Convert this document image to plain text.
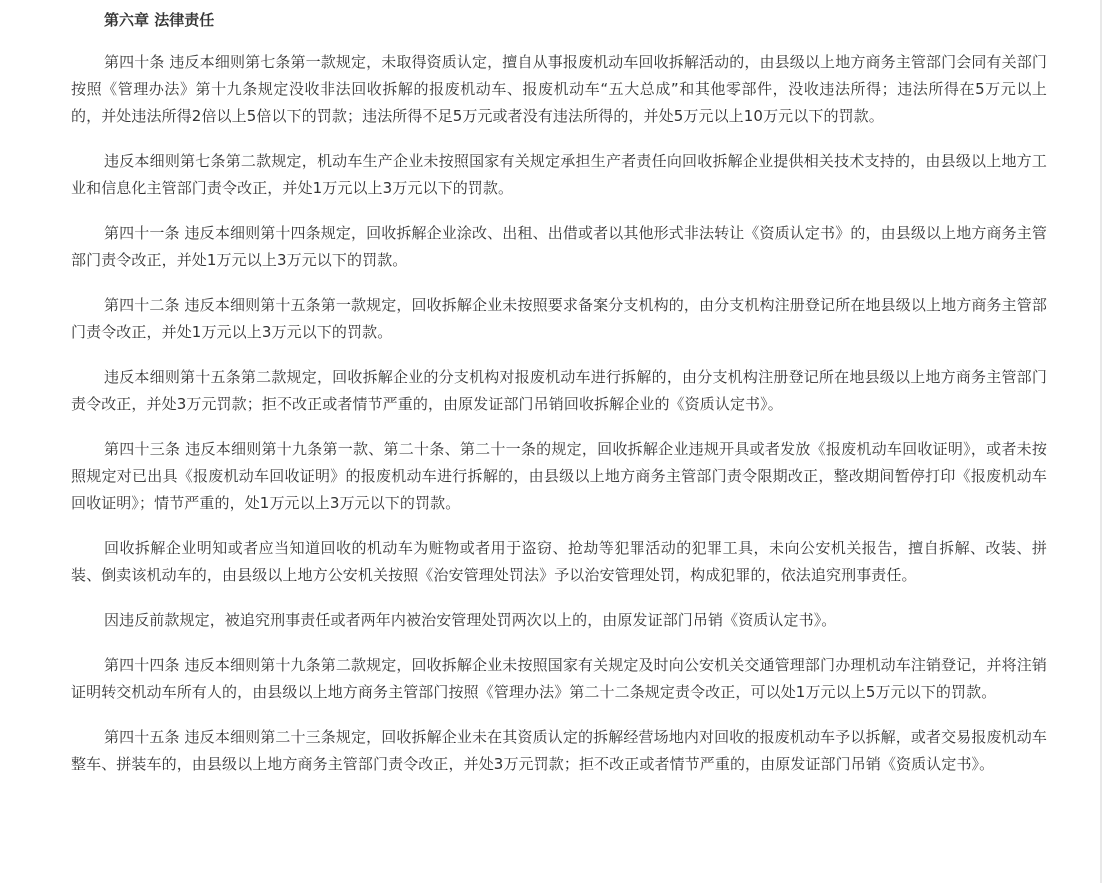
第六章 法律责任

第四十条 违反本细则第七条第一款规定，未取得资质认定，擅自从事报废机动车回收拆解活动的，由县级以上地方商务主管部门会同有关部门按照《管理办法》第十九条规定没收非法回收拆解的报废机动车、报废机动车“五大总成”和其他零部件，没收违法所得；违法所得在5万元以上的，并处违法所得2倍以上5倍以下的罚款；违法所得不足5万元或者没有违法所得的，并处5万元以上10万元以下的罚款。

违反本细则第七条第二款规定，机动车生产企业未按照国家有关规定承担生产者责任向回收拆解企业提供相关技术支持的，由县级以上地方工业和信息化主管部门责令改正，并处1万元以上3万元以下的罚款。

第四十一条 违反本细则第十四条规定，回收拆解企业涂改、出租、出借或者以其他形式非法转让《资质认定书》的，由县级以上地方商务主管部门责令改正，并处1万元以上3万元以下的罚款。

第四十二条 违反本细则第十五条第一款规定，回收拆解企业未按照要求备案分支机构的，由分支机构注册登记所在地县级以上地方商务主管部门责令改正，并处1万元以上3万元以下的罚款。

违反本细则第十五条第二款规定，回收拆解企业的分支机构对报废机动车进行拆解的，由分支机构注册登记所在地县级以上地方商务主管部门责令改正，并处3万元罚款；拒不改正或者情节严重的，由原发证部门吊销回收拆解企业的《资质认定书》。

第四十三条 违反本细则第十九条第一款、第二十条、第二十一条的规定，回收拆解企业违规开具或者发放《报废机动车回收证明》，或者未按照规定对已出具《报废机动车回收证明》的报废机动车进行拆解的，由县级以上地方商务主管部门责令限期改正，整改期间暂停打印《报废机动车回收证明》；情节严重的，处1万元以上3万元以下的罚款。

回收拆解企业明知或者应当知道回收的机动车为赃物或者用于盗窃、抢劫等犯罪活动的犯罪工具，未向公安机关报告，擅自拆解、改装、拼装、倒卖该机动车的，由县级以上地方公安机关按照《治安管理处罚法》予以治安管理处罚，构成犯罪的，依法追究刑事责任。

因违反前款规定，被追究刑事责任或者两年内被治安管理处罚两次以上的，由原发证部门吊销《资质认定书》。

第四十四条 违反本细则第十九条第二款规定，回收拆解企业未按照国家有关规定及时向公安机关交通管理部门办理机动车注销登记，并将注销证明转交机动车所有人的，由县级以上地方商务主管部门按照《管理办法》第二十二条规定责令改正，可以处1万元以上5万元以下的罚款。

第四十五条 违反本细则第二十三条规定，回收拆解企业未在其资质认定的拆解经营场地内对回收的报废机动车予以拆解，或者交易报废机动车整车、拼装车的，由县级以上地方商务主管部门责令改正，并处3万元罚款；拒不改正或者情节严重的，由原发证部门吊销《资质认定书》。
